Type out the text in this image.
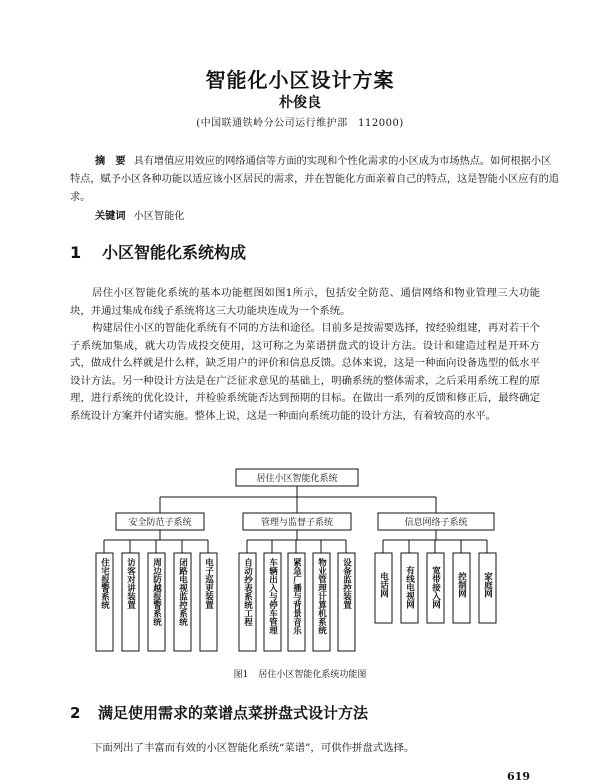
智能化小区设计方案
朴俊良
(中国联通铁岭分公司运行维护部　112000)

摘　要 具有增值应用效应的网络通信等方面的实现和个性化需求的小区成为市场热点。如何根据小区特点，赋予小区各种功能以适应该小区居民的需求，并在智能化方面亲着自己的特点，这是智能小区应有的追求。

关键词 小区智能化
1 小区智能化系统构成

居住小区智能化系统的基本功能框图如图1所示，包括安全防范、通信网络和物业管理三大功能块，并通过集成布线子系统将这三大功能块连成为一个系统。

构建居住小区的智能化系统有不同的方法和途径。目前多是按需要选择，按经验组建，再对若干个子系统加集成，就大功告成投交使用，这可称之为菜谱拼盘式的设计方法。设计和建造过程是开环方式，做成什么样就是什么样，缺乏用户的评价和信息反馈。总体来说，这是一种面向设备选型的低水平设计方法。另一种设计方法是在广泛征求意见的基础上，明确系统的整体需求，之后采用系统工程的原理，进行系统的优化设计，并检验系统能否达到预期的目标。在做出一系列的反馈和修正后，最终确定系统设计方案并付诸实施。整体上说，这是一种面向系统功能的设计方法，有着较高的水平。

居住小区智能化系统
安全防范子系统	管理与监督子系统	信息网络子系统
住宅报警系统 访客对讲装置 周边防越报警系统 闭路电视监控系统 电子巡更装置	自动抄表系统工程 车辆出入与停车管理 紧急广播与背景音乐 物业管理计算机系统 设备监控装置	电话网 有线电视网 宽带接入网 控制网 家庭网
图1 居住小区智能化系统功能图
2 满足使用需求的菜谱点菜拼盘式设计方法

下面列出了丰富而有效的小区智能化系统“菜谱”，可供作拼盘式选择。

619
